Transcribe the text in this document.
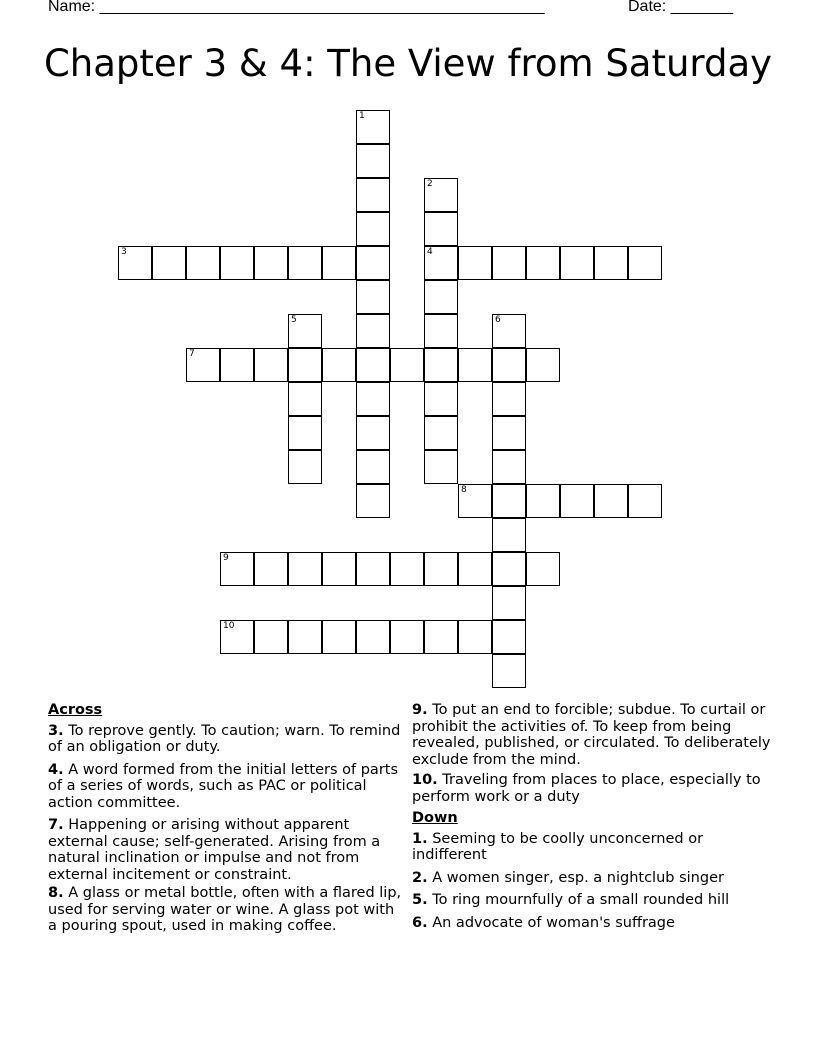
Name: __________________________________________________	Date: _______
Chapter 3 & 4: The View from Saturday
1
2
4
3
5	6
7
8
9
10
Across
3. To reprove gently. To caution; warn. To remind of an obligation or duty.
4. A word formed from the initial letters of parts of a series of words, such as PAC or political action committee.
7. Happening or arising without apparent external cause; self-generated. Arising from a natural inclination or impulse and not from external incitement or constraint.
8. A glass or metal bottle, often with a flared lip, used for serving water or wine. A glass pot with a pouring spout, used in making coffee.
9. To put an end to forcible; subdue. To curtail or prohibit the activities of. To keep from being revealed, published, or circulated. To deliberately exclude from the mind.
10. Traveling from places to place, especially to perform work or a duty
Down
1. Seeming to be coolly unconcerned or indifferent
2. A women singer, esp. a nightclub singer
5. To ring mournfully of a small rounded hill
6. An advocate of woman's suffrage
